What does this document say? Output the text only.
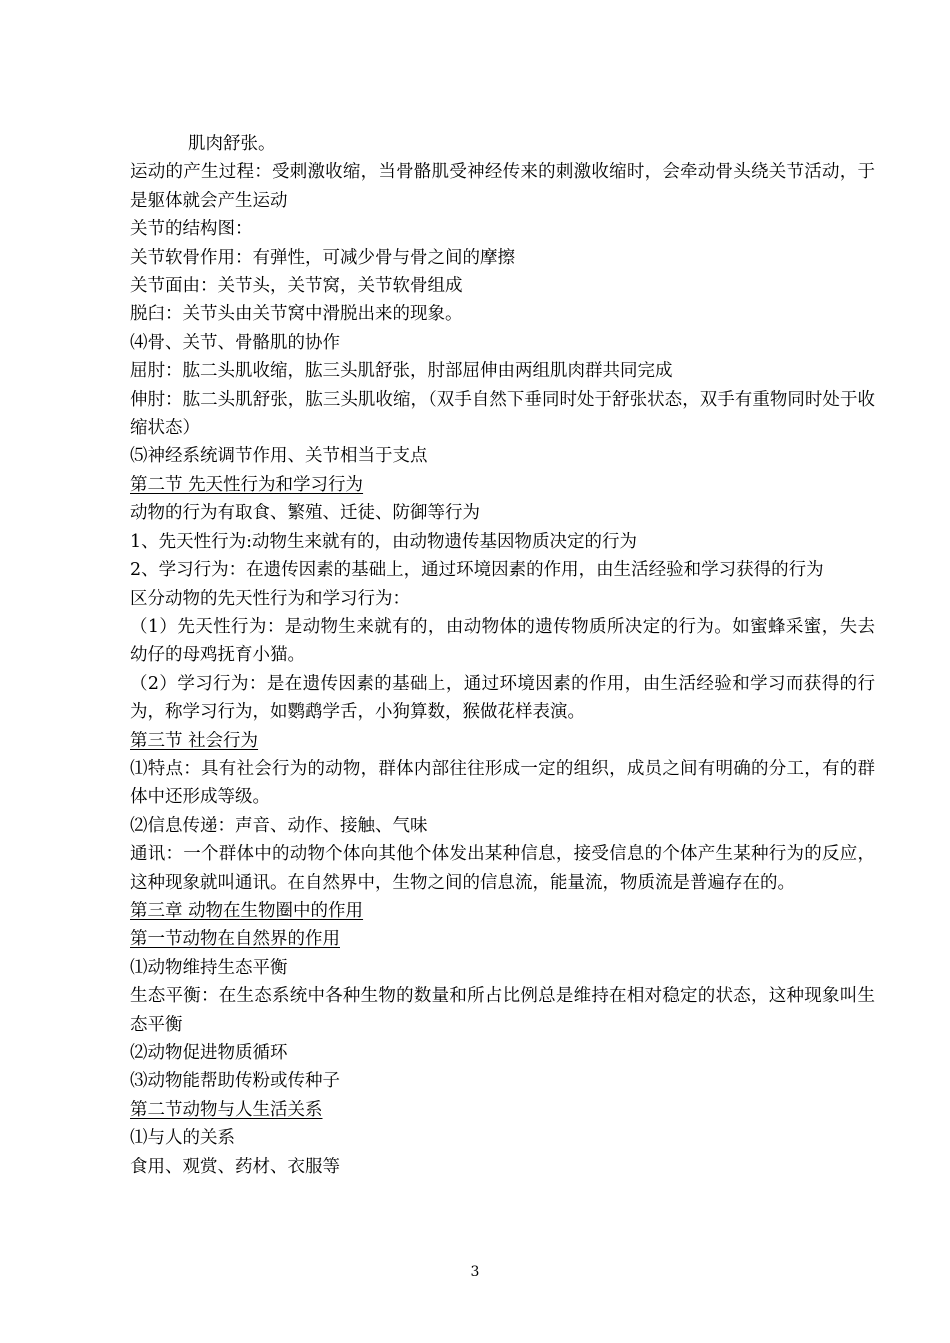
肌肉舒张。

运动的产生过程：受刺激收缩，当骨骼肌受神经传来的刺激收缩时，会牵动骨头绕关节活动，于是躯体就会产生运动

关节的结构图：

关节软骨作用：有弹性，可减少骨与骨之间的摩擦

关节面由：关节头，关节窝，关节软骨组成

脱臼：关节头由关节窝中滑脱出来的现象。

⑷骨、关节、骨骼肌的协作

屈肘：肱二头肌收缩，肱三头肌舒张，肘部屈伸由两组肌肉群共同完成

伸肘：肱二头肌舒张，肱三头肌收缩，（双手自然下垂同时处于舒张状态，双手有重物同时处于收缩状态）

⑸神经系统调节作用、关节相当于支点

第二节 先天性行为和学习行为

动物的行为有取食、繁殖、迁徒、防御等行为

1、先天性行为:动物生来就有的，由动物遗传基因物质决定的行为

2、学习行为：在遗传因素的基础上，通过环境因素的作用，由生活经验和学习获得的行为

区分动物的先天性行为和学习行为：

（1）先天性行为：是动物生来就有的，由动物体的遗传物质所决定的行为。如蜜蜂采蜜，失去幼仔的母鸡抚育小猫。

（2）学习行为：是在遗传因素的基础上，通过环境因素的作用，由生活经验和学习而获得的行为，称学习行为，如鹦鹉学舌，小狗算数，猴做花样表演。

第三节 社会行为

⑴特点：具有社会行为的动物，群体内部往往形成一定的组织，成员之间有明确的分工，有的群体中还形成等级。

⑵信息传递：声音、动作、接触、气味

通讯：一个群体中的动物个体向其他个体发出某种信息，接受信息的个体产生某种行为的反应，这种现象就叫通讯。在自然界中，生物之间的信息流，能量流，物质流是普遍存在的。

第三章 动物在生物圈中的作用

第一节动物在自然界的作用

⑴动物维持生态平衡

生态平衡：在生态系统中各种生物的数量和所占比例总是维持在相对稳定的状态，这种现象叫生态平衡

⑵动物促进物质循环

⑶动物能帮助传粉或传种子

第二节动物与人生活关系

⑴与人的关系

食用、观赏、药材、衣服等

3
